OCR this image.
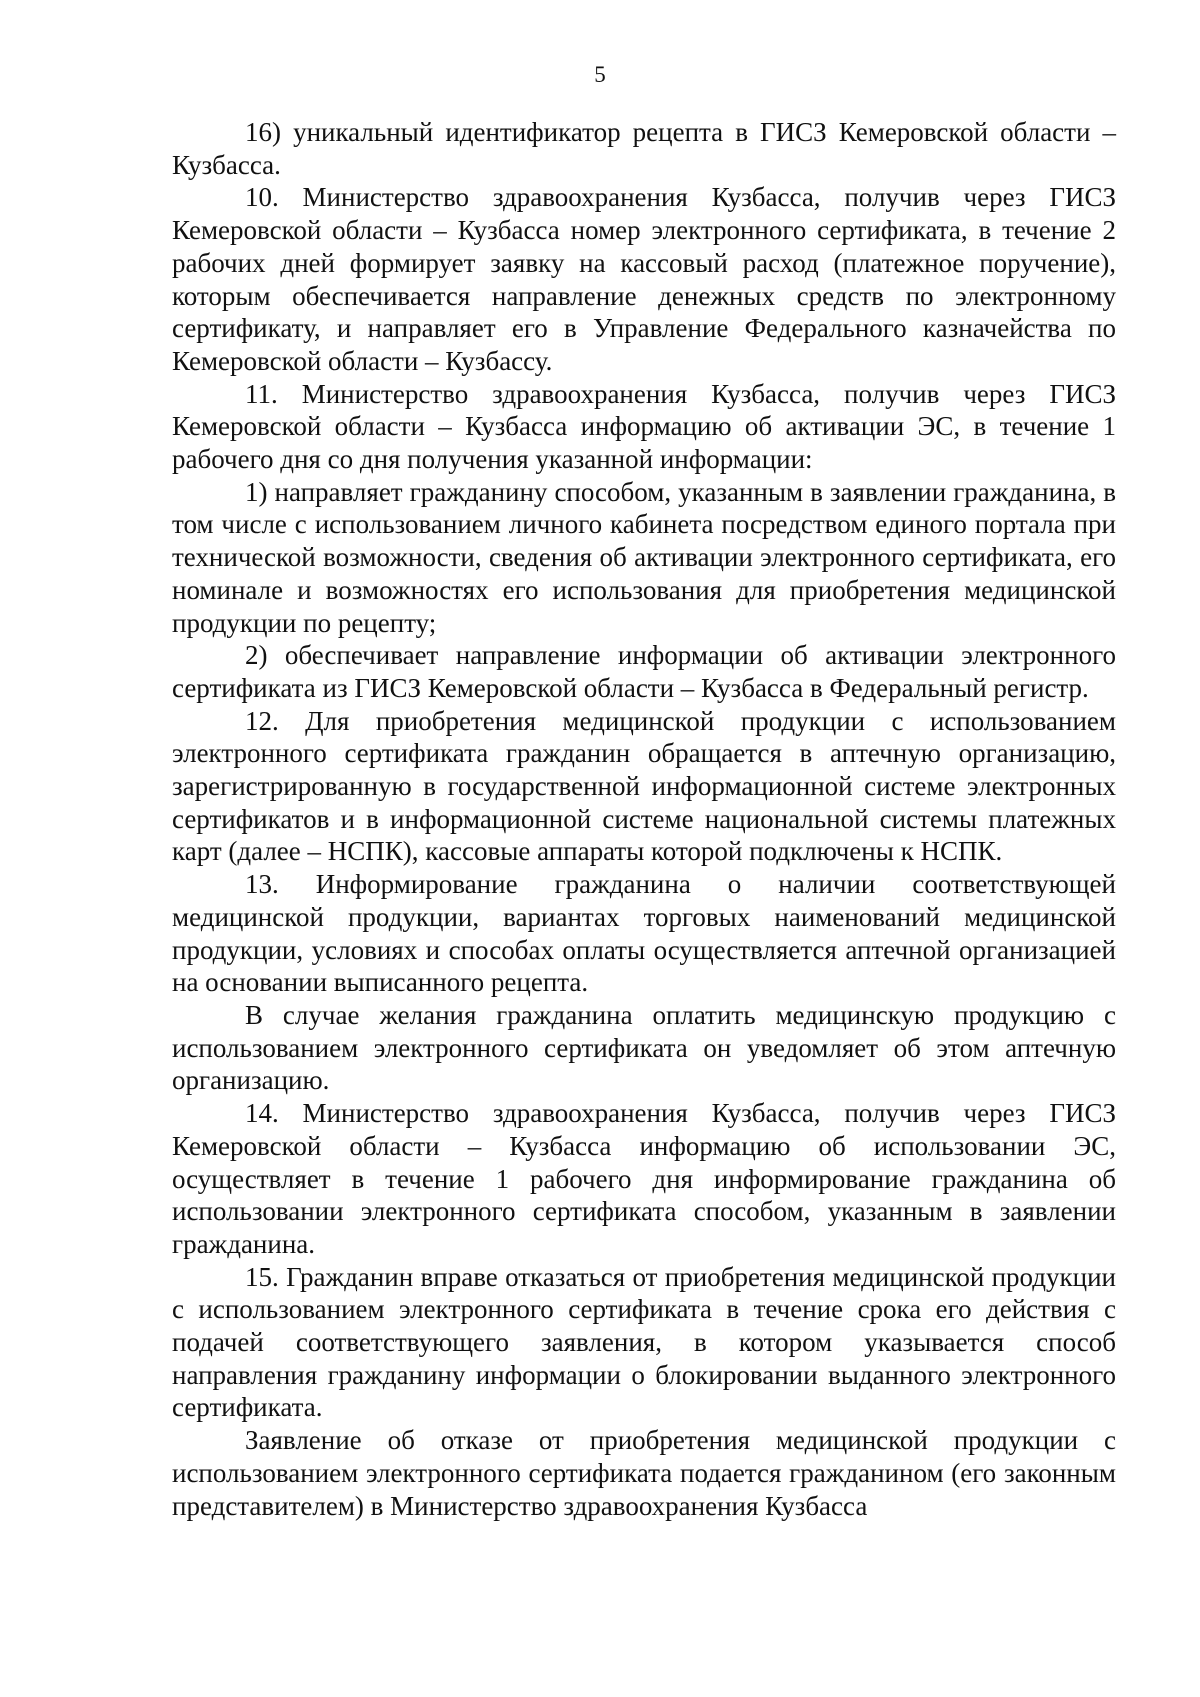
5

16) уникальный идентификатор рецепта в ГИСЗ Кемеровской области – Кузбасса.

10. Министерство здравоохранения Кузбасса, получив через ГИСЗ Кемеровской области – Кузбасса номер электронного сертификата, в течение 2 рабочих дней формирует заявку на кассовый расход (платежное поручение), которым обеспечивается направление денежных средств по электронному сертификату, и направляет его в Управление Федерального казначейства по Кемеровской области – Кузбассу.

11. Министерство здравоохранения Кузбасса, получив через ГИСЗ Кемеровской области – Кузбасса информацию об активации ЭС, в течение 1 рабочего дня со дня получения указанной информации:

1) направляет гражданину способом, указанным в заявлении гражданина, в том числе с использованием личного кабинета посредством единого портала при технической возможности, сведения об активации электронного сертификата, его номинале и возможностях его использования для приобретения медицинской продукции по рецепту;

2) обеспечивает направление информации об активации электронного сертификата из ГИСЗ Кемеровской области – Кузбасса в Федеральный регистр.

12. Для приобретения медицинской продукции с использованием электронного сертификата гражданин обращается в аптечную организацию, зарегистрированную в государственной информационной системе электронных сертификатов и в информационной системе национальной системы платежных карт (далее – НСПК), кассовые аппараты которой подключены к НСПК.

13. Информирование гражданина о наличии соответствующей медицинской продукции, вариантах торговых наименований медицинской продукции, условиях и способах оплаты осуществляется аптечной организацией на основании выписанного рецепта.

В случае желания гражданина оплатить медицинскую продукцию с использованием электронного сертификата он уведомляет об этом аптечную организацию.

14. Министерство здравоохранения Кузбасса, получив через ГИСЗ Кемеровской области – Кузбасса информацию об использовании ЭС, осуществляет в течение 1 рабочего дня информирование гражданина об использовании электронного сертификата способом, указанным в заявлении гражданина.

15. Гражданин вправе отказаться от приобретения медицинской продукции с использованием электронного сертификата в течение срока его действия с подачей соответствующего заявления, в котором указывается способ направления гражданину информации о блокировании выданного электронного сертификата.

Заявление об отказе от приобретения медицинской продукции с использованием электронного сертификата подается гражданином (его законным представителем) в Министерство здравоохранения Кузбасса
